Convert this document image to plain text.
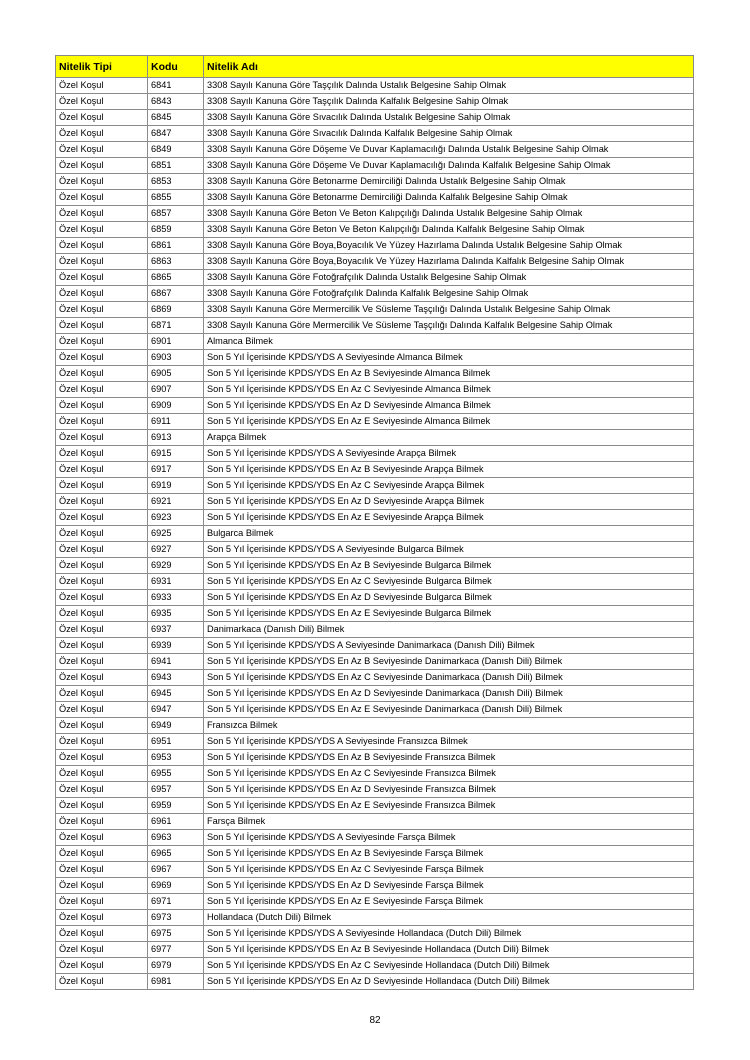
Nitelik Tipi	Kodu	Nitelik Adı
Özel Koşul	6841	3308 Sayılı Kanuna Göre Taşçılık Dalında Ustalık Belgesine Sahip Olmak
Özel Koşul	6843	3308 Sayılı Kanuna Göre Taşçılık Dalında Kalfalık Belgesine Sahip Olmak
Özel Koşul	6845	3308 Sayılı Kanuna Göre Sıvacılık Dalında Ustalık Belgesine Sahip Olmak
Özel Koşul	6847	3308 Sayılı Kanuna Göre Sıvacılık Dalında Kalfalık Belgesine Sahip Olmak
Özel Koşul	6849	3308 Sayılı Kanuna Göre Döşeme Ve Duvar Kaplamacılığı Dalında Ustalık Belgesine Sahip Olmak
Özel Koşul	6851	3308 Sayılı Kanuna Göre Döşeme Ve Duvar Kaplamacılığı Dalında Kalfalık Belgesine Sahip Olmak
Özel Koşul	6853	3308 Sayılı Kanuna Göre Betonarme Demirciliği Dalında Ustalık Belgesine Sahip Olmak
Özel Koşul	6855	3308 Sayılı Kanuna Göre Betonarme Demirciliği Dalında Kalfalık Belgesine Sahip Olmak
Özel Koşul	6857	3308 Sayılı Kanuna Göre Beton Ve Beton Kalıpçılığı Dalında Ustalık Belgesine Sahip Olmak
Özel Koşul	6859	3308 Sayılı Kanuna Göre Beton Ve Beton Kalıpçılığı Dalında Kalfalık Belgesine Sahip Olmak
Özel Koşul	6861	3308 Sayılı Kanuna Göre Boya,Boyacılık Ve Yüzey Hazırlama Dalında Ustalık Belgesine Sahip Olmak
Özel Koşul	6863	3308 Sayılı Kanuna Göre Boya,Boyacılık Ve Yüzey Hazırlama Dalında Kalfalık Belgesine Sahip Olmak
Özel Koşul	6865	3308 Sayılı Kanuna Göre Fotoğrafçılık Dalında Ustalık Belgesine Sahip Olmak
Özel Koşul	6867	3308 Sayılı Kanuna Göre Fotoğrafçılık Dalında Kalfalık Belgesine Sahip Olmak
Özel Koşul	6869	3308 Sayılı Kanuna Göre Mermercilik Ve Süsleme Taşçılığı Dalında Ustalık Belgesine Sahip Olmak
Özel Koşul	6871	3308 Sayılı Kanuna Göre Mermercilik Ve Süsleme Taşçılığı Dalında Kalfalık Belgesine Sahip Olmak
Özel Koşul	6901	Almanca Bilmek
Özel Koşul	6903	Son 5 Yıl İçerisinde KPDS/YDS A Seviyesinde Almanca Bilmek
Özel Koşul	6905	Son 5 Yıl İçerisinde KPDS/YDS En Az B Seviyesinde Almanca Bilmek
Özel Koşul	6907	Son 5 Yıl İçerisinde KPDS/YDS En Az C Seviyesinde Almanca Bilmek
Özel Koşul	6909	Son 5 Yıl İçerisinde KPDS/YDS En Az D Seviyesinde Almanca Bilmek
Özel Koşul	6911	Son 5 Yıl İçerisinde KPDS/YDS En Az E Seviyesinde Almanca Bilmek
Özel Koşul	6913	Arapça Bilmek
Özel Koşul	6915	Son 5 Yıl İçerisinde KPDS/YDS A Seviyesinde Arapça Bilmek
Özel Koşul	6917	Son 5 Yıl İçerisinde KPDS/YDS En Az B Seviyesinde Arapça Bilmek
Özel Koşul	6919	Son 5 Yıl İçerisinde KPDS/YDS En Az C Seviyesinde Arapça Bilmek
Özel Koşul	6921	Son 5 Yıl İçerisinde KPDS/YDS En Az D Seviyesinde Arapça Bilmek
Özel Koşul	6923	Son 5 Yıl İçerisinde KPDS/YDS En Az E Seviyesinde Arapça Bilmek
Özel Koşul	6925	Bulgarca Bilmek
Özel Koşul	6927	Son 5 Yıl İçerisinde KPDS/YDS A Seviyesinde Bulgarca Bilmek
Özel Koşul	6929	Son 5 Yıl İçerisinde KPDS/YDS En Az B Seviyesinde Bulgarca Bilmek
Özel Koşul	6931	Son 5 Yıl İçerisinde KPDS/YDS En Az C Seviyesinde Bulgarca Bilmek
Özel Koşul	6933	Son 5 Yıl İçerisinde KPDS/YDS En Az D Seviyesinde Bulgarca Bilmek
Özel Koşul	6935	Son 5 Yıl İçerisinde KPDS/YDS En Az E Seviyesinde Bulgarca Bilmek
Özel Koşul	6937	Danimarkaca (Danısh Dili) Bilmek
Özel Koşul	6939	Son 5 Yıl İçerisinde KPDS/YDS A Seviyesinde Danimarkaca (Danısh Dili) Bilmek
Özel Koşul	6941	Son 5 Yıl İçerisinde KPDS/YDS En Az B Seviyesinde Danimarkaca (Danısh Dili) Bilmek
Özel Koşul	6943	Son 5 Yıl İçerisinde KPDS/YDS En Az C Seviyesinde Danimarkaca (Danısh Dili) Bilmek
Özel Koşul	6945	Son 5 Yıl İçerisinde KPDS/YDS En Az D Seviyesinde Danimarkaca (Danısh Dili) Bilmek
Özel Koşul	6947	Son 5 Yıl İçerisinde KPDS/YDS En Az E Seviyesinde Danimarkaca (Danısh Dili) Bilmek
Özel Koşul	6949	Fransızca Bilmek
Özel Koşul	6951	Son 5 Yıl İçerisinde KPDS/YDS A Seviyesinde Fransızca Bilmek
Özel Koşul	6953	Son 5 Yıl İçerisinde KPDS/YDS En Az B Seviyesinde Fransızca Bilmek
Özel Koşul	6955	Son 5 Yıl İçerisinde KPDS/YDS En Az C Seviyesinde Fransızca Bilmek
Özel Koşul	6957	Son 5 Yıl İçerisinde KPDS/YDS En Az D Seviyesinde Fransızca Bilmek
Özel Koşul	6959	Son 5 Yıl İçerisinde KPDS/YDS En Az E Seviyesinde Fransızca Bilmek
Özel Koşul	6961	Farsça Bilmek
Özel Koşul	6963	Son 5 Yıl İçerisinde KPDS/YDS A Seviyesinde Farsça Bilmek
Özel Koşul	6965	Son 5 Yıl İçerisinde KPDS/YDS En Az B Seviyesinde Farsça Bilmek
Özel Koşul	6967	Son 5 Yıl İçerisinde KPDS/YDS En Az C Seviyesinde Farsça Bilmek
Özel Koşul	6969	Son 5 Yıl İçerisinde KPDS/YDS En Az D Seviyesinde Farsça Bilmek
Özel Koşul	6971	Son 5 Yıl İçerisinde KPDS/YDS En Az E Seviyesinde Farsça Bilmek
Özel Koşul	6973	Hollandaca (Dutch Dili) Bilmek
Özel Koşul	6975	Son 5 Yıl İçerisinde KPDS/YDS A Seviyesinde Hollandaca (Dutch Dili) Bilmek
Özel Koşul	6977	Son 5 Yıl İçerisinde KPDS/YDS En Az B Seviyesinde Hollandaca (Dutch Dili) Bilmek
Özel Koşul	6979	Son 5 Yıl İçerisinde KPDS/YDS En Az C Seviyesinde Hollandaca (Dutch Dili) Bilmek
Özel Koşul	6981	Son 5 Yıl İçerisinde KPDS/YDS En Az D Seviyesinde Hollandaca (Dutch Dili) Bilmek
82
